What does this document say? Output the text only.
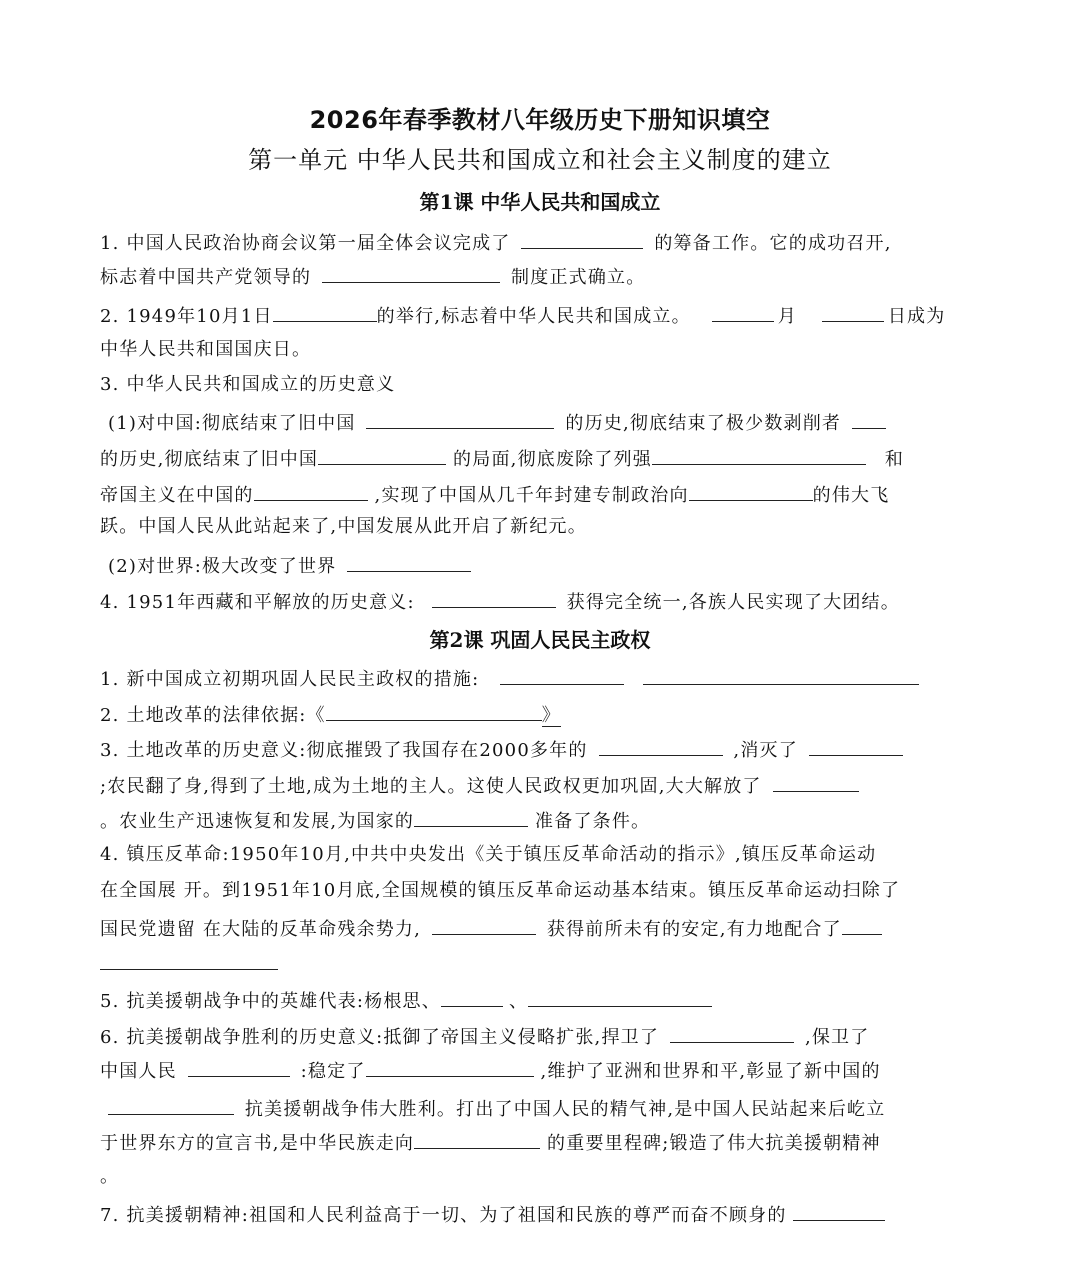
2026年春季教材八年级历史下册知识填空
第一单元 中华人民共和国成立和社会主义制度的建立
第1课 中华人民共和国成立
1. 中国人民政治协商会议第一届全体会议完成了	的筹备工作。它的成功召开,
标志着中国共产党领导的	制度正式确立。
2. 1949年10月1日	的举行,标志着中华人民共和国成立。	月	日成为
中华人民共和国国庆日。
3. 中华人民共和国成立的历史意义
(1)对中国:彻底结束了旧中国	的历史,彻底结束了极少数剥削者
的历史,彻底结束了旧中国	的局面,彻底废除了列强	和
帝国主义在中国的	,实现了中国从几千年封建专制政治向	的伟大飞
跃。中国人民从此站起来了,中国发展从此开启了新纪元。
(2)对世界:极大改变了世界
4. 1951年西藏和平解放的历史意义:	获得完全统一,各族人民实现了大团结。
第2课 巩固人民民主政权
1. 新中国成立初期巩固人民民主政权的措施:
2. 土地改革的法律依据:《	》
3. 土地改革的历史意义:彻底摧毁了我国存在2000多年的	,消灭了
;农民翻了身,得到了土地,成为土地的主人。这使人民政权更加巩固,大大解放了
。农业生产迅速恢复和发展,为国家的	准备了条件。
4. 镇压反革命:1950年10月,中共中央发出《关于镇压反革命活动的指示》,镇压反革命运动
在全国展 开。到1951年10月底,全国规模的镇压反革命运动基本结束。镇压反革命运动扫除了
国民党遗留 在大陆的反革命残余势力,	获得前所未有的安定,有力地配合了
5. 抗美援朝战争中的英雄代表:杨根思、	、
6. 抗美援朝战争胜利的历史意义:抵御了帝国主义侵略扩张,捍卫了	,保卫了
中国人民	:稳定了	,维护了亚洲和世界和平,彰显了新中国的
抗美援朝战争伟大胜利。打出了中国人民的精气神,是中国人民站起来后屹立
于世界东方的宣言书,是中华民族走向	的重要里程碑;锻造了伟大抗美援朝精神
。
7. 抗美援朝精神:祖国和人民利益高于一切、为了祖国和民族的尊严而奋不顾身的
